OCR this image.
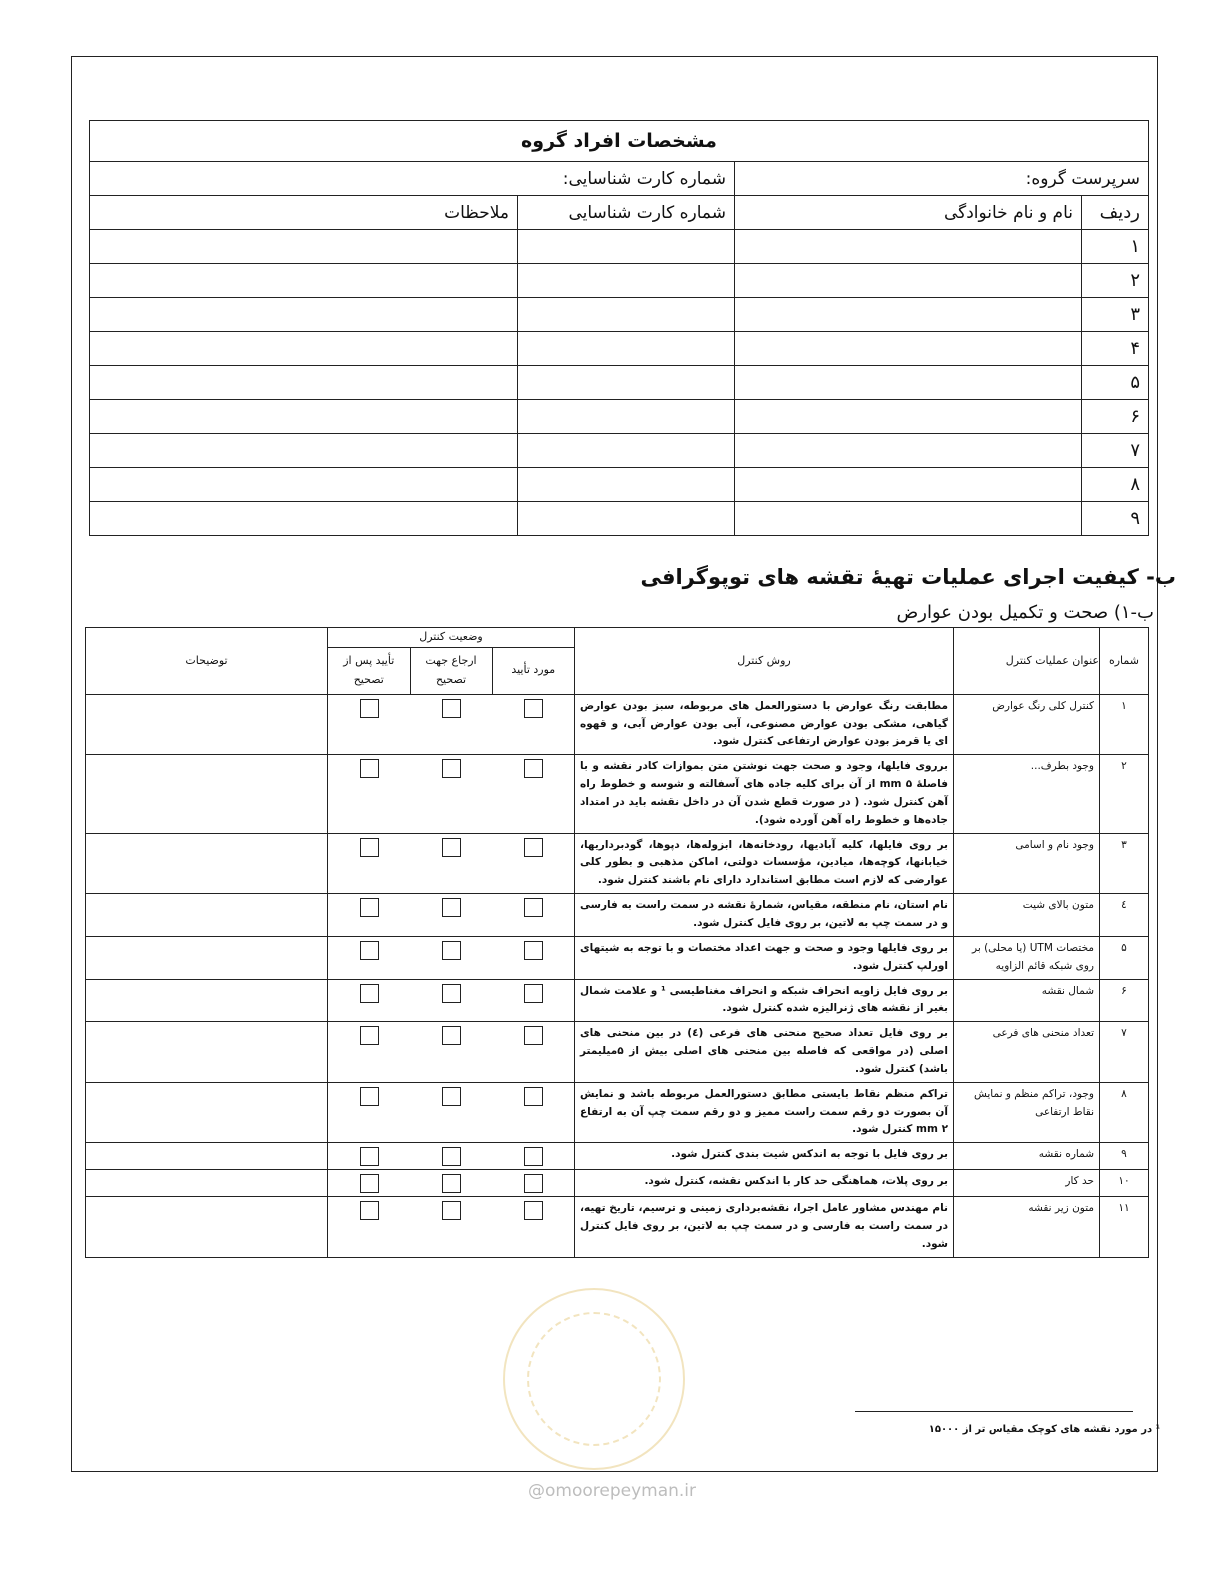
مشخصات افراد گروه			
سرپرست گروه:		شماره کارت شناسایی:	
ردیف	نام و نام خانوادگی	شماره کارت شناسایی	ملاحظات
۱			
۲			
۳			
۴			
۵			
۶			
۷			
۸			
۹			
ب- کیفیت اجرای عملیات تهیهٔ تقشه های توپوگرافی
ب-۱) صحت و تکمیل بودن عوارض
شماره	عنوان عملیات کنترل	روش کنترل	وضعیت کنترل			توضیحات
			مورد تأیید	ارجاع جهت تصحیح	تأیید پس از تصحیح	
۱	کنترل کلی رنگ عوارض	مطابقت رنگ عوارض با دستورالعمل های مربوطه، سبز بودن عوارض گیاهی، مشکی بودن عوارض مصنوعی، آبی بودن عوارض آبی، و قهوه ای یا قرمز بودن عوارض ارتفاعی کنترل شود.	

۲	وجود بطرف...	برروی فایلها، وجود و صحت جهت نوشتن متن بموازات کادر نقشه و با فاصلهٔ ۵ mm از آن برای کلیه جاده های آسفالته و شوسه و خطوط راه آهن کنترل شود. ( در صورت قطع شدن آن در داخل نقشه باید در امتداد جاده‌ها و خطوط راه آهن آورده شود).	

۳	وجود نام و اسامی	بر روی فایلها، کلیه آبادیها، رودخانه‌ها، ابزوله‌ها، دپوها، گودبرداریها، خیابانها، کوچه‌ها، میادین، مؤسسات دولتی، اماکن مذهبی و بطور کلی عوارضی که لازم است مطابق استاندارد دارای نام باشند کنترل شود.	

٤	متون بالای شیت	نام استان، نام منطقه، مقیاس، شمارهٔ نقشه در سمت راست به فارسی و در سمت چپ به لاتین، بر روی فایل کنترل شود.	

۵	مختصات UTM (یا محلی) بر روی شبکه قائم الزاویه	بر روی فایلها وجود و صحت و جهت اعداد مختصات و با توجه به شیتهای اورلپ کنترل شود.	

۶	شمال نقشه	بر روی فایل زاویه انحراف شبکه و انحراف مغناطیسی ¹ و علامت شمال بغیر از نقشه های ژنرالیزه شده کنترل شود.	

۷	تعداد منحنی های فرعی	بر روی فایل تعداد صحیح منحنی های فرعی (٤) در بین منحنی های اصلی (در مواقعی که فاصله بین منحنی های اصلی بیش از ۵میلیمتر باشد) کنترل شود.	

۸	وجود، تراکم منظم و نمایش نقاط ارتفاعی	تراکم منظم نقاط بایستی مطابق دستورالعمل مربوطه باشد و نمایش آن بصورت دو رقم سمت راست ممیز و دو رقم سمت چپ آن به ارتفاع ۲ mm کنترل شود.	

۹	شماره نقشه	بر روی فایل با توجه به اندکس شیت بندی کنترل شود.	

۱۰	حد کار	بر روی پلات، هماهنگی حد کار با اندکس نقشه، کنترل شود.	

۱۱	متون زیر نقشه	نام مهندس مشاور عامل اجرا، نقشه‌برداری زمینی و ترسیم، تاریخ تهیه، در سمت راست به فارسی و در سمت چپ به لاتین، بر روی فایل کنترل شود.	

¹ در مورد نقشه های کوچک مقیاس تر از ۱۵۰۰۰
@omoorepeyman.ir
